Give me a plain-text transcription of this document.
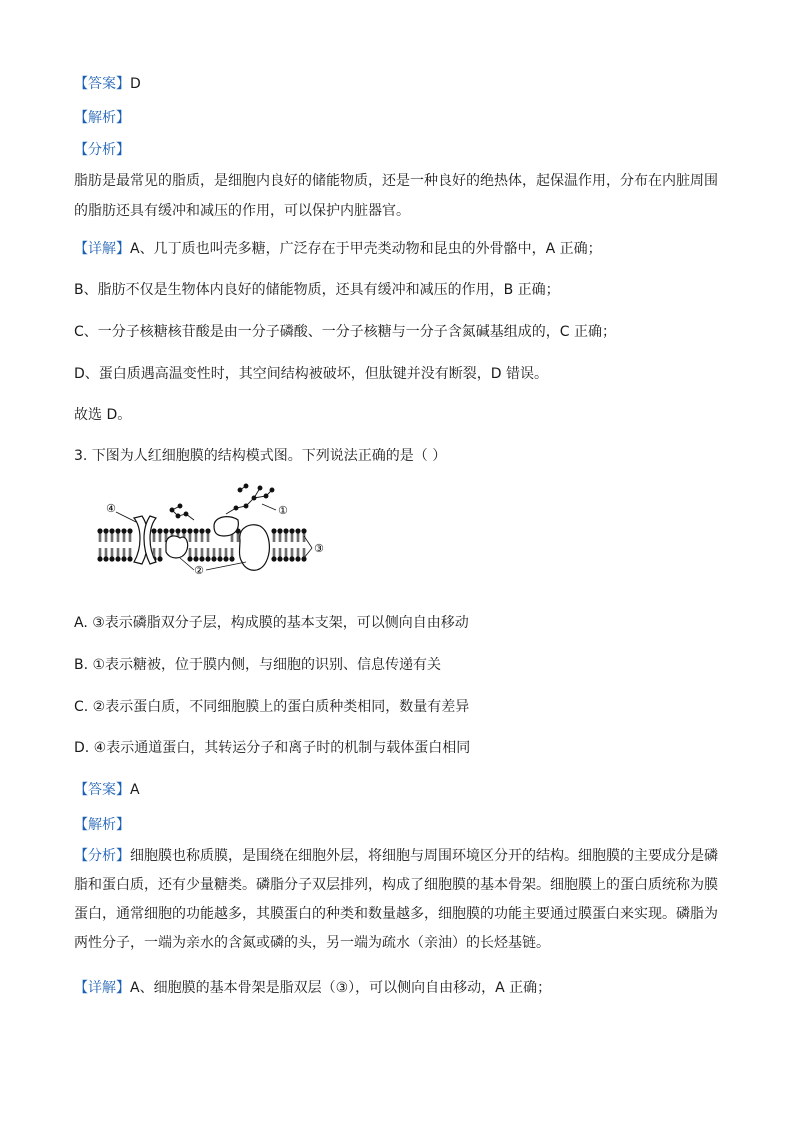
【答案】D

【解析】

【分析】

脂肪是最常见的脂质，是细胞内良好的储能物质，还是一种良好的绝热体，起保温作用，分布在内脏周围

的脂肪还具有缓冲和减压的作用，可以保护内脏器官。

【详解】A、几丁质也叫壳多糖，广泛存在于甲壳类动物和昆虫的外骨骼中，A 正确；

B、脂肪不仅是生物体内良好的储能物质，还具有缓冲和减压的作用，B 正确；

C、一分子核糖核苷酸是由一分子磷酸、一分子核糖与一分子含氮碱基组成的，C 正确；

D、蛋白质遇高温变性时，其空间结构被破坏，但肽键并没有断裂，D 错误。

故选 D。

3. 下图为人红细胞膜的结构模式图。下列说法正确的是（ ）

①
③
②
④

A. ③表示磷脂双分子层，构成膜的基本支架，可以侧向自由移动

B. ①表示糖被，位于膜内侧，与细胞的识别、信息传递有关

C. ②表示蛋白质，不同细胞膜上的蛋白质种类相同，数量有差异

D. ④表示通道蛋白，其转运分子和离子时的机制与载体蛋白相同

【答案】A

【解析】

【分析】细胞膜也称质膜，是围绕在细胞外层，将细胞与周围环境区分开的结构。细胞膜的主要成分是磷脂和蛋白质，还有少量糖类。磷脂分子双层排列，构成了细胞膜的基本骨架。细胞膜上的蛋白质统称为膜蛋白，通常细胞的功能越多，其膜蛋白的种类和数量越多，细胞膜的功能主要通过膜蛋白来实现。磷脂为两性分子，一端为亲水的含氮或磷的头，另一端为疏水（亲油）的长烃基链。

【详解】A、细胞膜的基本骨架是脂双层（③），可以侧向自由移动，A 正确；
